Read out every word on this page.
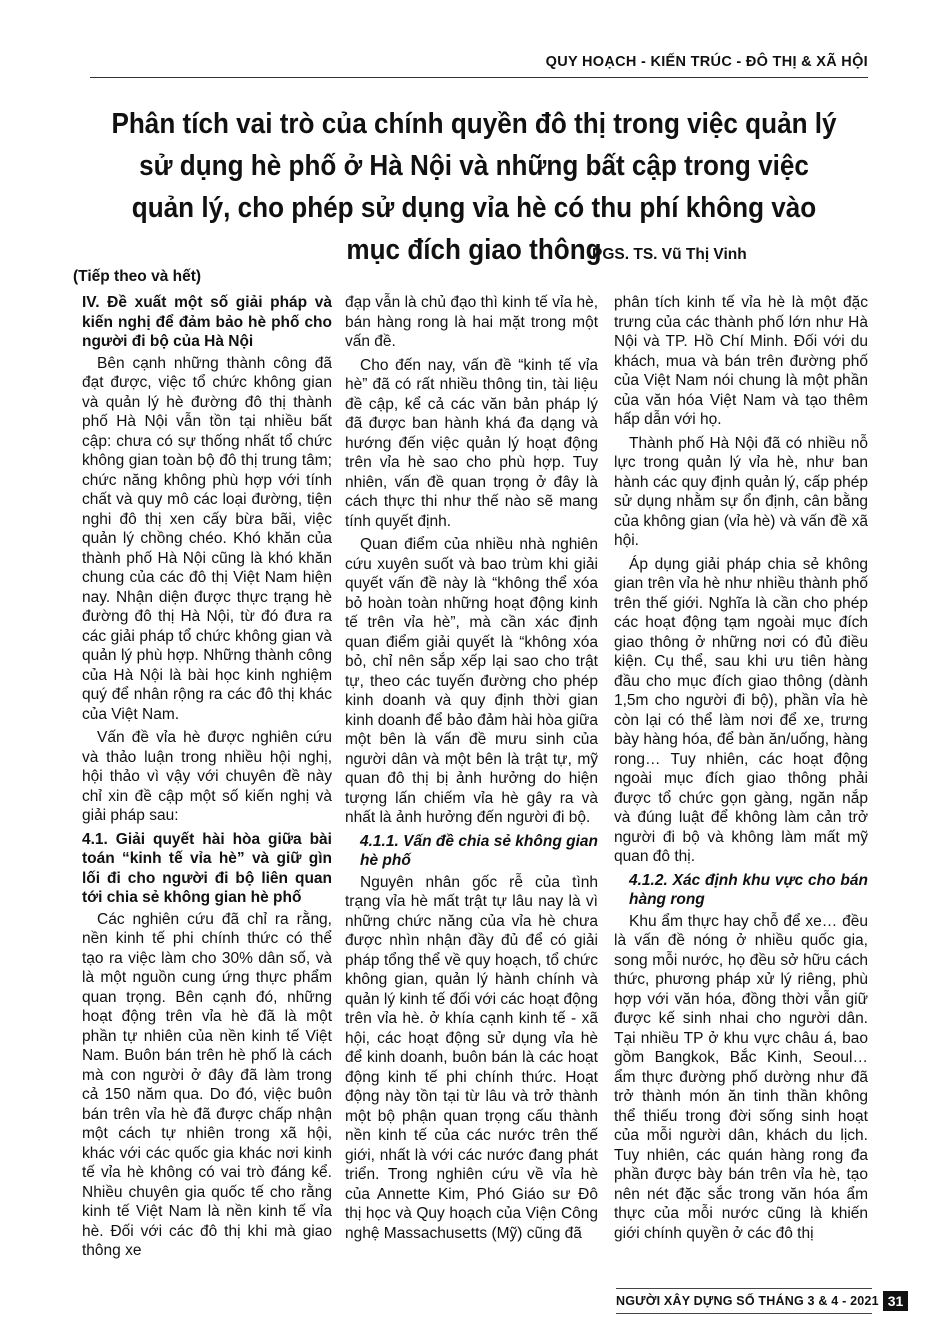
QUY HOẠCH - KIẾN TRÚC - ĐÔ THỊ & XÃ HỘI
Phân tích vai trò của chính quyền đô thị trong việc quản lý sử dụng hè phố ở Hà Nội và những bất cập trong việc quản lý, cho phép sử dụng vỉa hè có thu phí không vào mục đích giao thông
PGS. TS. Vũ Thị Vinh
(Tiếp theo và hết)
IV. Đề xuất một số giải pháp và kiến nghị để đảm bảo hè phố cho người đi bộ của Hà Nội

Bên cạnh những thành công đã đạt được, việc tổ chức không gian và quản lý hè đường đô thị thành phố Hà Nội vẫn tồn tại nhiều bất cập: chưa có sự thống nhất tổ chức không gian toàn bộ đô thị trung tâm; chức năng không phù hợp với tính chất và quy mô các loại đường, tiện nghi đô thị xen cấy bừa bãi, việc quản lý chồng chéo. Khó khăn của thành phố Hà Nội cũng là khó khăn chung của các đô thị Việt Nam hiện nay. Nhận diện được thực trạng hè đường đô thị Hà Nội, từ đó đưa ra các giải pháp tổ chức không gian và quản lý phù hợp. Những thành công của Hà Nội là bài học kinh nghiệm quý để nhân rộng ra các đô thị khác của Việt Nam.

Vấn đề vỉa hè được nghiên cứu và thảo luận trong nhiều hội nghị, hội thảo vì vậy với chuyên đề này chỉ xin đề cập một số kiến nghị và giải pháp sau:

4.1. Giải quyết hài hòa giữa bài toán “kinh tế vỉa hè” và giữ gìn lối đi cho người đi bộ liên quan tới chia sẻ không gian hè phố

Các nghiên cứu đã chỉ ra rằng, nền kinh tế phi chính thức có thể tạo ra việc làm cho 30% dân số, và là một nguồn cung ứng thực phẩm quan trọng. Bên cạnh đó, những hoạt động trên vỉa hè đã là một phần tự nhiên của nền kinh tế Việt Nam. Buôn bán trên hè phố là cách mà con người ở đây đã làm trong cả 150 năm qua. Do đó, việc buôn bán trên vỉa hè đã được chấp nhận một cách tự nhiên trong xã hội, khác với các quốc gia khác nơi kinh tế vỉa hè không có vai trò đáng kể. Nhiều chuyên gia quốc tế cho rằng kinh tế Việt Nam là nền kinh tế vỉa hè. Đối với các đô thị khi mà giao thông xe

đạp vẫn là chủ đạo thì kinh tế vỉa hè, bán hàng rong là hai mặt trong một vấn đề.

Cho đến nay, vấn đề “kinh tế vỉa hè” đã có rất nhiều thông tin, tài liệu đề cập, kể cả các văn bản pháp lý đã được ban hành khá đa dạng và hướng đến việc quản lý hoạt động trên vỉa hè sao cho phù hợp. Tuy nhiên, vấn đề quan trọng ở đây là cách thực thi như thế nào sẽ mang tính quyết định.

Quan điểm của nhiều nhà nghiên cứu xuyên suốt và bao trùm khi giải quyết vấn đề này là “không thể xóa bỏ hoàn toàn những hoạt động kinh tế trên vỉa hè”, mà cần xác định quan điểm giải quyết là “không xóa bỏ, chỉ nên sắp xếp lại sao cho trật tự, theo các tuyến đường cho phép kinh doanh và quy định thời gian kinh doanh để bảo đảm hài hòa giữa một bên là vấn đề mưu sinh của người dân và một bên là trật tự, mỹ quan đô thị bị ảnh hưởng do hiện tượng lấn chiếm vỉa hè gây ra và nhất là ảnh hưởng đến người đi bộ.

4.1.1. Vấn đề chia sẻ không gian hè phố

Nguyên nhân gốc rễ của tình trạng vỉa hè mất trật tự lâu nay là vì những chức năng của vỉa hè chưa được nhìn nhận đầy đủ để có giải pháp tổng thể về quy hoạch, tổ chức không gian, quản lý hành chính và quản lý kinh tế đối với các hoạt động trên vỉa hè. ở khía cạnh kinh tế - xã hội, các hoạt động sử dụng vỉa hè để kinh doanh, buôn bán là các hoạt động kinh tế phi chính thức. Hoạt động này tồn tại từ lâu và trở thành một bộ phận quan trọng cấu thành nền kinh tế của các nước trên thế giới, nhất là với các nước đang phát triển. Trong nghiên cứu về vỉa hè của Annette Kim, Phó Giáo sư Đô thị học và Quy hoạch của Viện Công nghệ Massachusetts (Mỹ) cũng đã

phân tích kinh tế vỉa hè là một đặc trưng của các thành phố lớn như Hà Nội và TP. Hồ Chí Minh. Đối với du khách, mua và bán trên đường phố của Việt Nam nói chung là một phần của văn hóa Việt Nam và tạo thêm hấp dẫn với họ.

Thành phố Hà Nội đã có nhiều nỗ lực trong quản lý vỉa hè, như ban hành các quy định quản lý, cấp phép sử dụng nhằm sự ổn định, cân bằng của không gian (vỉa hè) và vấn đề xã hội.

Áp dụng giải pháp chia sẻ không gian trên vỉa hè như nhiều thành phố trên thế giới. Nghĩa là cần cho phép các hoạt động tạm ngoài mục đích giao thông ở những nơi có đủ điều kiện. Cụ thể, sau khi ưu tiên hàng đầu cho mục đích giao thông (dành 1,5m cho người đi bộ), phần vỉa hè còn lại có thể làm nơi để xe, trưng bày hàng hóa, để bàn ăn/uống, hàng rong… Tuy nhiên, các hoạt động ngoài mục đích giao thông phải được tổ chức gọn gàng, ngăn nắp và đúng luật để không làm cản trở người đi bộ và không làm mất mỹ quan đô thị.

4.1.2. Xác định khu vực cho bán hàng rong

Khu ẩm thực hay chỗ để xe… đều là vấn đề nóng ở nhiều quốc gia, song mỗi nước, họ đều sở hữu cách thức, phương pháp xử lý riêng, phù hợp với văn hóa, đồng thời vẫn giữ được kế sinh nhai cho người dân. Tại nhiều TP ở khu vực châu á, bao gồm Bangkok, Bắc Kinh, Seoul… ẩm thực đường phố dường như đã trở thành món ăn tinh thần không thể thiếu trong đời sống sinh hoạt của mỗi người dân, khách du lịch. Tuy nhiên, các quán hàng rong đa phần được bày bán trên vỉa hè, tạo nên nét đặc sắc trong văn hóa ẩm thực của mỗi nước cũng là khiến giới chính quyền ở các đô thị

NGƯỜI XÂY DỰNG SỐ THÁNG 3 & 4 - 2021 31
